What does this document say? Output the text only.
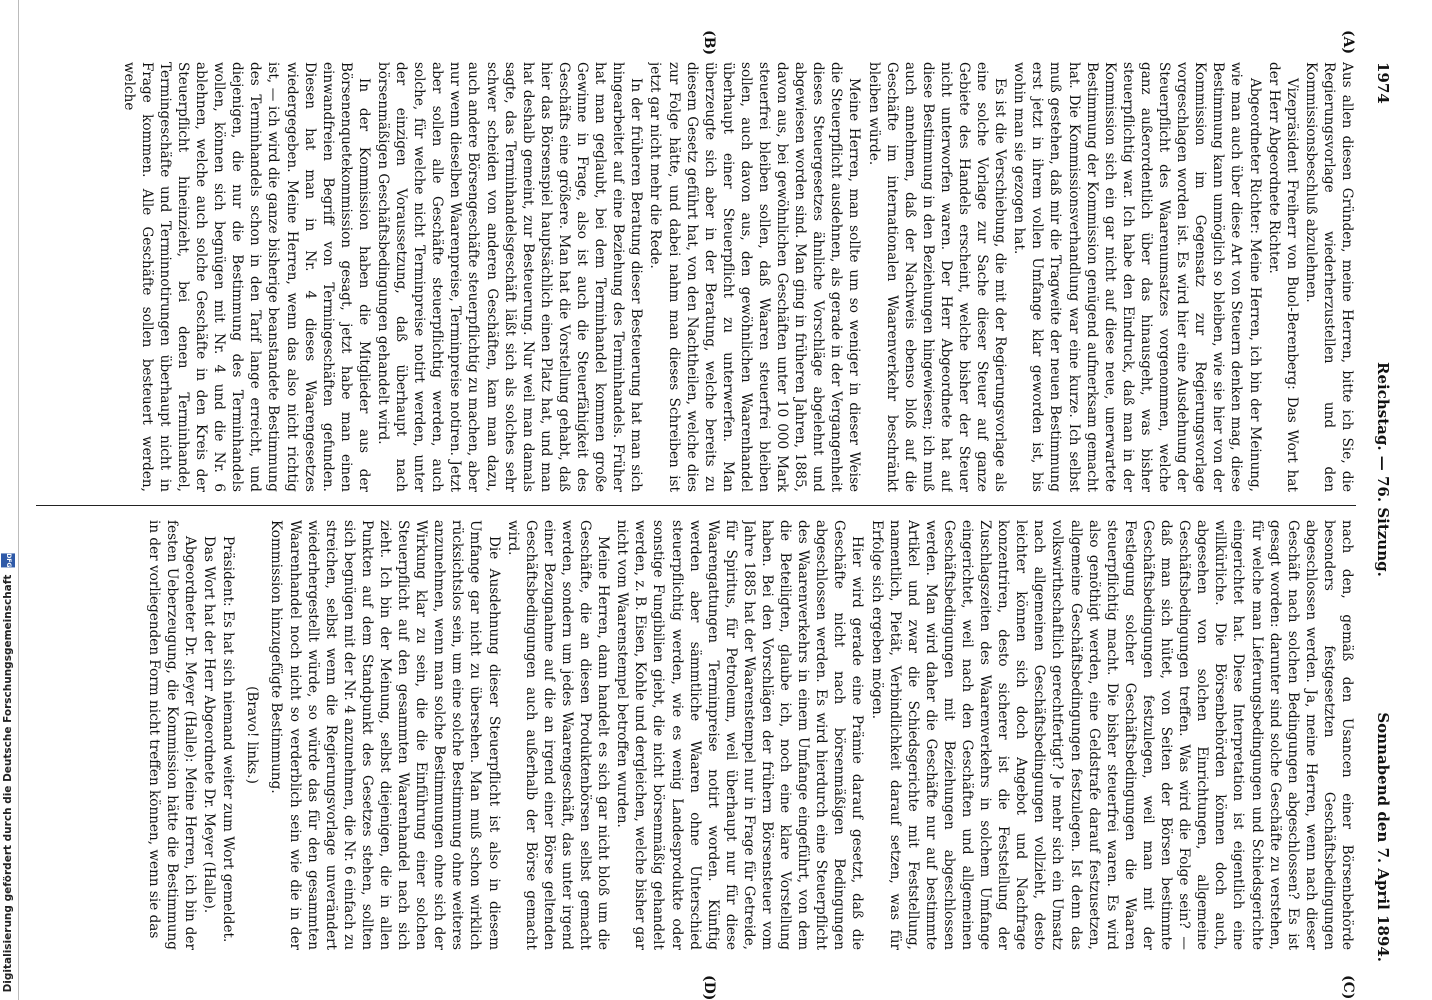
1974
Reichstag. — 76. Sitzung.
Sonnabend den 7. April 1894.
(A)
(B)
(C)
(D)

Aus allen diesen Gründen, meine Herren, bitte ich Sie, die Regierungsvorlage wiederherzustellen und den Kommissionsbeschluß abzulehnen.

Vizepräsident Freiherr von Buol-Berenberg: Das Wort hat der Herr Abgeordnete Richter.

Abgeordneter Richter: Meine Herren, ich bin der Meinung, wie man auch über diese Art von Steuern denken mag, diese Bestimmung kann unmöglich so bleiben, wie sie hier von der Kommission im Gegensatz zur Regierungsvorlage vorgeschlagen worden ist. Es wird hier eine Ausdehnung der Steuerpflicht des Waarenumsatzes vorgenommen, welche ganz außerordentlich über das hinausgeht, was bisher steuerpflichtig war. Ich habe den Eindruck, daß man in der Kommission sich ein gar nicht auf diese neue, unerwartete Bestimmung der Kommission genügend aufmerksam gemacht hat. Die Kommissionsverhandlung war eine kurze. Ich selbst muß gestehen, daß mir die Tragweite der neuen Bestimmung erst jetzt in ihrem vollen Umfange klar geworden ist, bis wohin man sie gezogen hat.

Es ist die Verschiebung, die mit der Regierungsvorlage als eine solche Vorlage zur Sache dieser Steuer auf ganze Gebiete des Handels erscheint, welche bisher der Steuer nicht unterworfen waren. Der Herr Abgeordnete hat auf diese Bestimmung in den Beziehungen hingewiesen; ich muß auch annehmen, daß der Nachweis ebenso bloß auf die Geschäfte im internationalen Waarenverkehr beschränkt bleiben würde.

Meine Herren, man sollte um so weniger in dieser Weise die Steuerpflicht ausdehnen, als gerade in der Vergangenheit dieses Steuergesetzes ähnliche Vorschläge abgelehnt und abgewiesen worden sind. Man ging in früheren Jahren, 1885, davon aus, bei gewöhnlichen Geschäften unter 10 000 Mark steuerfrei bleiben sollen, daß Waaren steuerfrei bleiben sollen, auch davon aus, den gewöhnlichen Waarenhandel überhaupt einer Steuerpflicht zu unterwerfen. Man überzeugte sich aber in der Beratung, welche bereits zu diesem Gesetz geführt hat, von den Nachtheilen, welche dies zur Folge hätte, und dabei nahm man dieses Schreiben ist jetzt gar nicht mehr die Rede.

In der früheren Beratung dieser Besteuerung hat man sich hingearbeitet auf eine Beziehung des Terminhandels. Früher hat man geglaubt, bei dem Terminhandel kommen große Gewinne in Frage, also ist auch die Steuerfähigkeit des Geschäfts eine größere. Man hat die Vorstellung gehabt, daß hier das Börsenspiel hauptsächlich einen Platz hat, und man hat deshalb gemeint, zur Besteuerung. Nur weil man damals sagte, das Terminhandelsgeschäft läßt sich als solches sehr schwer scheiden von anderen Geschäften, kam man dazu, auch andere Börsengeschäfte steuerpflichtig zu machen, aber nur wenn dieselben Waarenpreise, Terminpreise notiren. Jetzt aber sollen alle Geschäfte steuerpflichtig werden, auch solche, für welche nicht Terminpreise notirt werden, unter der einzigen Voraussetzung, daß überhaupt nach börsenmäßigen Geschäftsbedingungen gehandelt wird.

In der Kommission haben die Mitglieder aus der Börsenenquetekommission gesagt, jetzt habe man einen einwandfreien Begriff von Termingeschäften gefunden. Diesen hat man in Nr. 4 dieses Waarengesetzes wiedergegeben. Meine Herren, wenn das also nicht richtig ist, — ich wird die ganze bisherige beanstandete Bestimmung des Terminhandels schon in den Tarif lange erreicht, und diejenigen, die nur die Bestimmung des Terminhandels wollen, können sich begnügen mit Nr. 4 und die Nr. 6 ablehnen, welche auch solche Geschäfte in den Kreis der Steuerpflicht hineinzieht, bei denen Terminhandel, Termingeschäfte und Terminnotirungen überhaupt nicht in Frage kommen. Alle Geschäfte sollen besteuert werden, welche

nach den, gemäß den Usancen einer Börsenbehörde besonders festgesetzten Geschäftsbedingungen abgeschlossen werden. Ja, meine Herren, wenn nach dieser Geschäft nach solchen Bedingungen abgeschlossen? Es ist gesagt worden: darunter sind solche Geschäfte zu verstehen, für welche man Lieferungsbedingungen und Schiedsgerichte eingerichtet hat. Diese Interpretation ist eigentlich eine willkürliche. Die Börsenbehörden können doch auch, abgesehen von solchen Einrichtungen, allgemeine Geschäftsbedingungen treffen. Was wird die Folge sein? — daß man sich hütet, von Seiten der Börsen bestimmte Geschäftsbedingungen festzulegen, weil man mit der Festlegung solcher Geschäftsbedingungen die Waaren steuerpflichtig macht. Die bisher steuerfrei waren. Es wird also genöthigt werden, eine Geldstrafe darauf festzusetzen, allgemeine Geschäftsbedingungen festzulegen. Ist denn das volkswirthschaftlich gerechtfertigt? Je mehr sich ein Umsatz nach allgemeinen Geschäftsbedingungen vollzieht, desto leichter können sich doch Angebot und Nachfrage konzentriren, desto sicherer ist die Feststellung der Zuschlagszeiten des Waarenverkehrs in solchem Umfange eingerichtet, weil nach den Geschäften und allgemeinen Geschäftsbedingungen mit Beziehungen abgeschlossen werden. Man wird daher die Geschäfte nur auf bestimmte Artikel und zwar die Schiedsgerichte mit Feststellung, namentlich, Pietät, Verbindlichkeit darauf setzen, was für Erfolge sich ergeben mögen.

Hier wird gerade eine Prämie darauf gesetzt, daß die Geschäfte nicht nach börsenmäßigen Bedingungen abgeschlossen werden. Es wird hierdurch eine Steuerpflicht des Waarenverkehrs in einem Umfange eingeführt, von dem die Beteiligten, glaube ich, noch eine klare Vorstellung haben. Bei den Vorschlägen der frühern Börsensteuer vom Jahre 1885 hat der Waarenstempel nur in Frage für Getreide, für Spiritus, für Petroleum, weil überhaupt nur für diese Waarengattungen Terminpreise notirt worden. Künftig werden aber sämmtliche Waaren ohne Unterschied steuerpflichtig werden, wie es wenig Landesprodukte oder sonstige Fungibilien giebt, die nicht börsenmäßig gehandelt werden, z. B. Eisen, Kohle und dergleichen, welche bisher gar nicht vom Waarenstempel betroffen wurden.

Meine Herren, dann handelt es sich gar nicht bloß um die Geschäfte, die an diesen Produktenbörsen selbst gemacht werden, sondern um jedes Waarengeschäft, das unter irgend einer Bezugnahme auf die an irgend einer Börse geltenden Geschäftsbedingungen auch außerhalb der Börse gemacht wird.

Die Ausdehnung dieser Steuerpflicht ist also in diesem Umfange gar nicht zu übersehen. Man muß schon wirklich rücksichtslos sein, um eine solche Bestimmung ohne weiteres anzunehmen, wenn man solche Bestimmungen ohne sich der Wirkung klar zu sein, die die Einführung einer solchen Steuerpflicht auf den gesammten Waarenhandel nach sich zieht. Ich bin der Meinung, selbst diejenigen, die in allen Punkten auf dem Standpunkt des Gesetzes stehen, sollten sich begnügen mit der Nr. 4 anzunehmen, die Nr. 6 einfach zu streichen, selbst wenn die Regierungsvorlage unverändert wiederhergestellt würde, so würde das für den gesammten Waarenhandel noch nicht so verderblich sein wie die in der Kommission hinzugefügte Bestimmung.

(Bravo! links.)

Präsident: Es hat sich niemand weiter zum Wort gemeldet.

Das Wort hat der Herr Abgeordnete Dr. Meyer (Halle).

Abgeordneter Dr. Meyer (Halle): Meine Herren, ich bin der festen Ueberzeugung, die Kommission hätte die Bestimmung in der vorliegenden Form nicht treffen können, wenn sie das

Digitalisierung gefördert durch die Deutsche Forschungsgemeinschaft DFG
